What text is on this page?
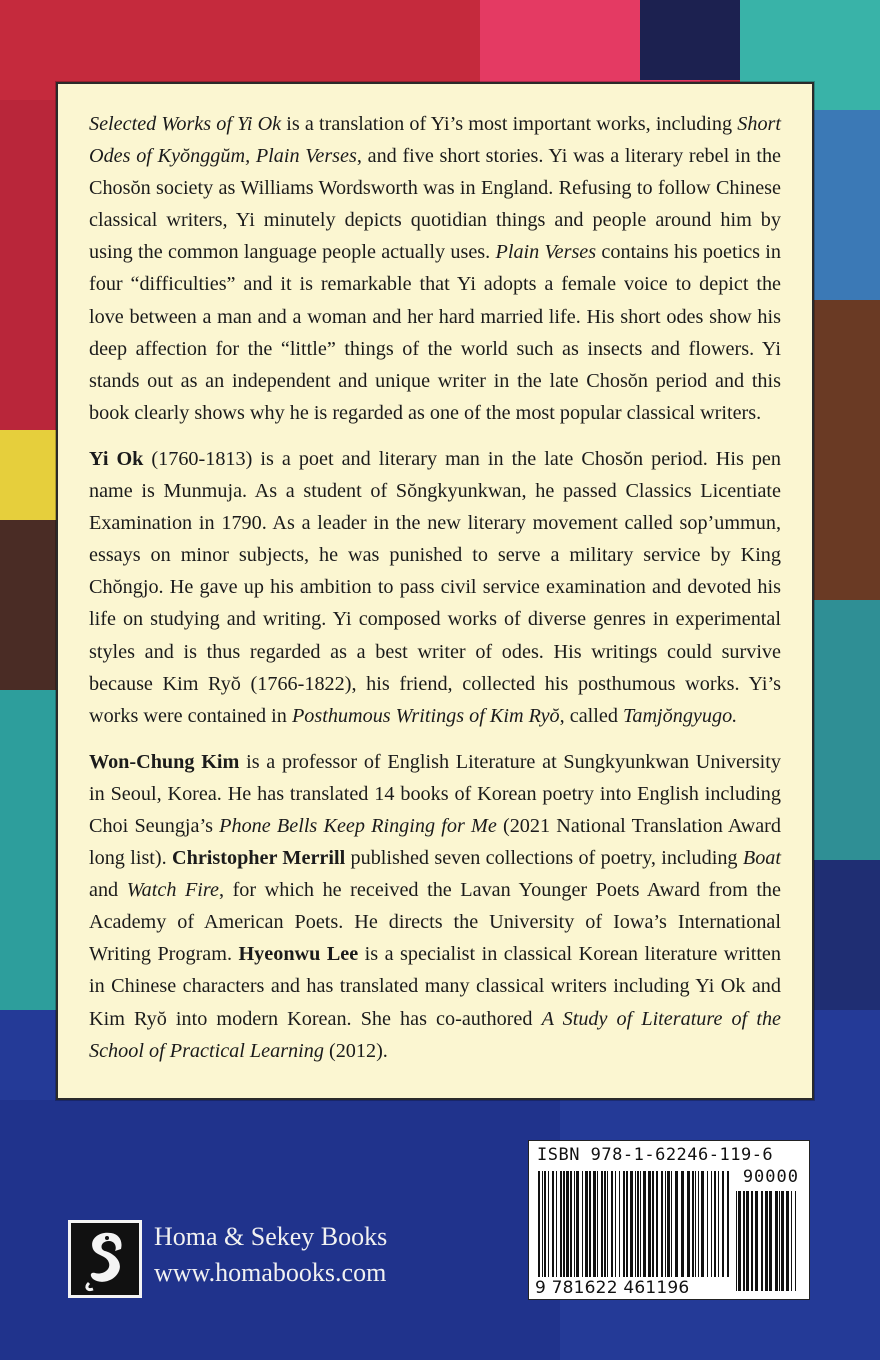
Selected Works of Yi Ok is a translation of Yi’s most important works, including Short Odes of Kyŏnggŭm, Plain Verses, and five short stories. Yi was a literary rebel in the Chosŏn society as Williams Wordsworth was in England. Refusing to follow Chinese classical writers, Yi minutely depicts quotidian things and people around him by using the common language people actually uses. Plain Verses contains his poetics in four “difficulties” and it is remarkable that Yi adopts a female voice to depict the love between a man and a woman and her hard married life. His short odes show his deep affection for the “little” things of the world such as insects and flowers. Yi stands out as an independent and unique writer in the late Chosŏn period and this book clearly shows why he is regarded as one of the most popular classical writers.

Yi Ok (1760-1813) is a poet and literary man in the late Chosŏn period. His pen name is Munmuja. As a student of Sŏngkyunkwan, he passed Classics Licentiate Examination in 1790. As a leader in the new literary movement called sop’ummun, essays on minor subjects, he was punished to serve a military service by King Chŏngjo. He gave up his ambition to pass civil service examination and devoted his life on studying and writing. Yi composed works of diverse genres in experimental styles and is thus regarded as a best writer of odes. His writings could survive because Kim Ryŏ (1766-1822), his friend, collected his posthumous works. Yi’s works were contained in Posthumous Writings of Kim Ryŏ, called Tamjŏngyugo.

Won-Chung Kim is a professor of English Literature at Sungkyunkwan University in Seoul, Korea. He has translated 14 books of Korean poetry into English including Choi Seungja’s Phone Bells Keep Ringing for Me (2021 National Translation Award long list). Christopher Merrill published seven collections of poetry, including Boat and Watch Fire, for which he received the Lavan Younger Poets Award from the Academy of American Poets. He directs the University of Iowa’s International Writing Program. Hyeonwu Lee is a specialist in classical Korean literature written in Chinese characters and has translated many classical writers including Yi Ok and Kim Ryŏ into modern Korean. She has co-authored A Study of Literature of the School of Practical Learning (2012).

Homa & Sekey Books
www.homabooks.com
ISBN 978-1-62246-119-6
90000
9 781622 461196
